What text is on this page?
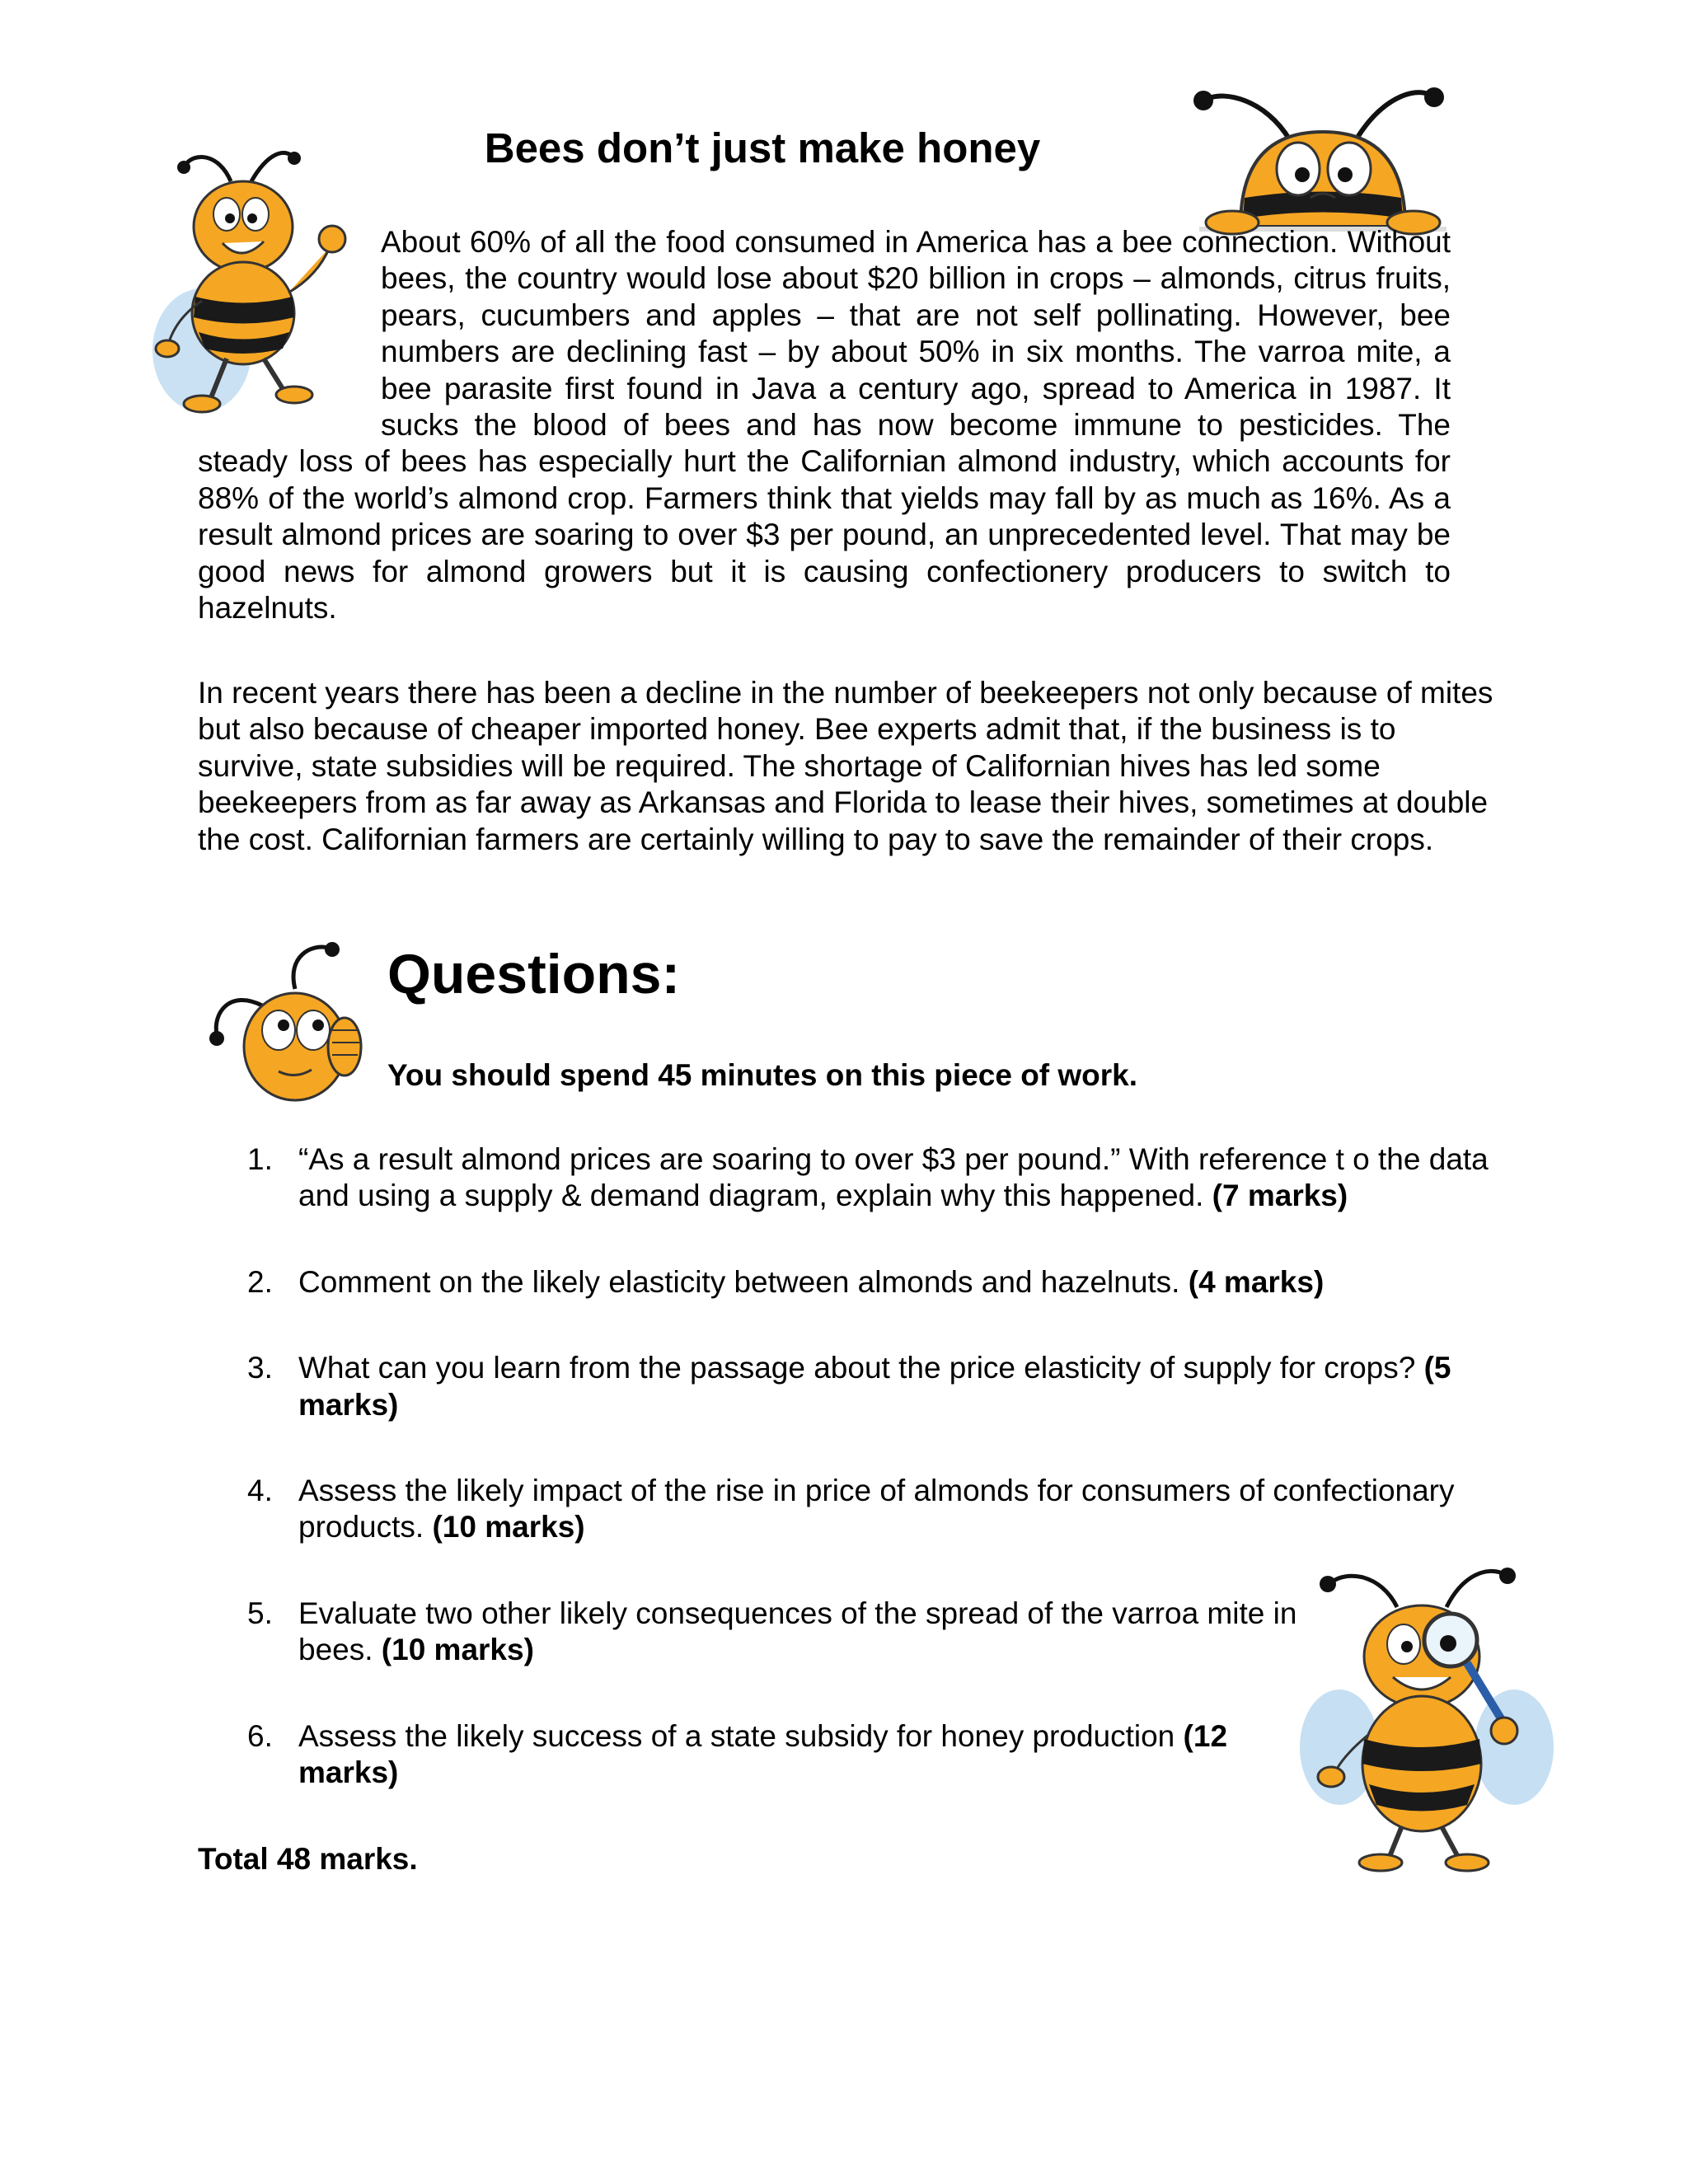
Bees don’t just make honey
About 60% of all the food consumed in America has a bee connection. Without bees, the country would lose about $20 billion in crops – almonds, citrus fruits, pears, cucumbers and apples – that are not self pollinating. However, bee numbers are declining fast – by about 50% in six months. The varroa mite, a bee parasite first found in Java a century ago, spread to America in 1987. It sucks the blood of bees and has now become immune to pesticides. The steady loss of bees has especially hurt the Californian almond industry, which accounts for 88% of the world’s almond crop. Farmers think that yields may fall by as much as 16%. As a result almond prices are soaring to over $3 per pound, an unprecedented level. That may be good news for almond growers but it is causing confectionery producers to switch to hazelnuts.

In recent years there has been a decline in the number of beekeepers not only because of mites but also because of cheaper imported honey. Bee experts admit that, if the business is to survive, state subsidies will be required. The shortage of Californian hives has led some beekeepers from as far away as Arkansas and Florida to lease their hives, sometimes at double the cost. Californian farmers are certainly willing to pay to save the remainder of their crops.

Questions:
You should spend 45 minutes on this piece of work.
1. “As a result almond prices are soaring to over $3 per pound.” With reference t o the data and using a supply & demand diagram, explain why this happened. (7 marks)
2. Comment on the likely elasticity between almonds and hazelnuts. (4 marks)
3. What can you learn from the passage about the price elasticity of supply for crops? (5 marks)
4. Assess the likely impact of the rise in price of almonds for consumers of confectionary products. (10 marks)
5. Evaluate two other likely consequences of the spread of the varroa mite in bees. (10 marks)
6. Assess the likely success of a state subsidy for honey production (12 marks)
Total 48 marks.
